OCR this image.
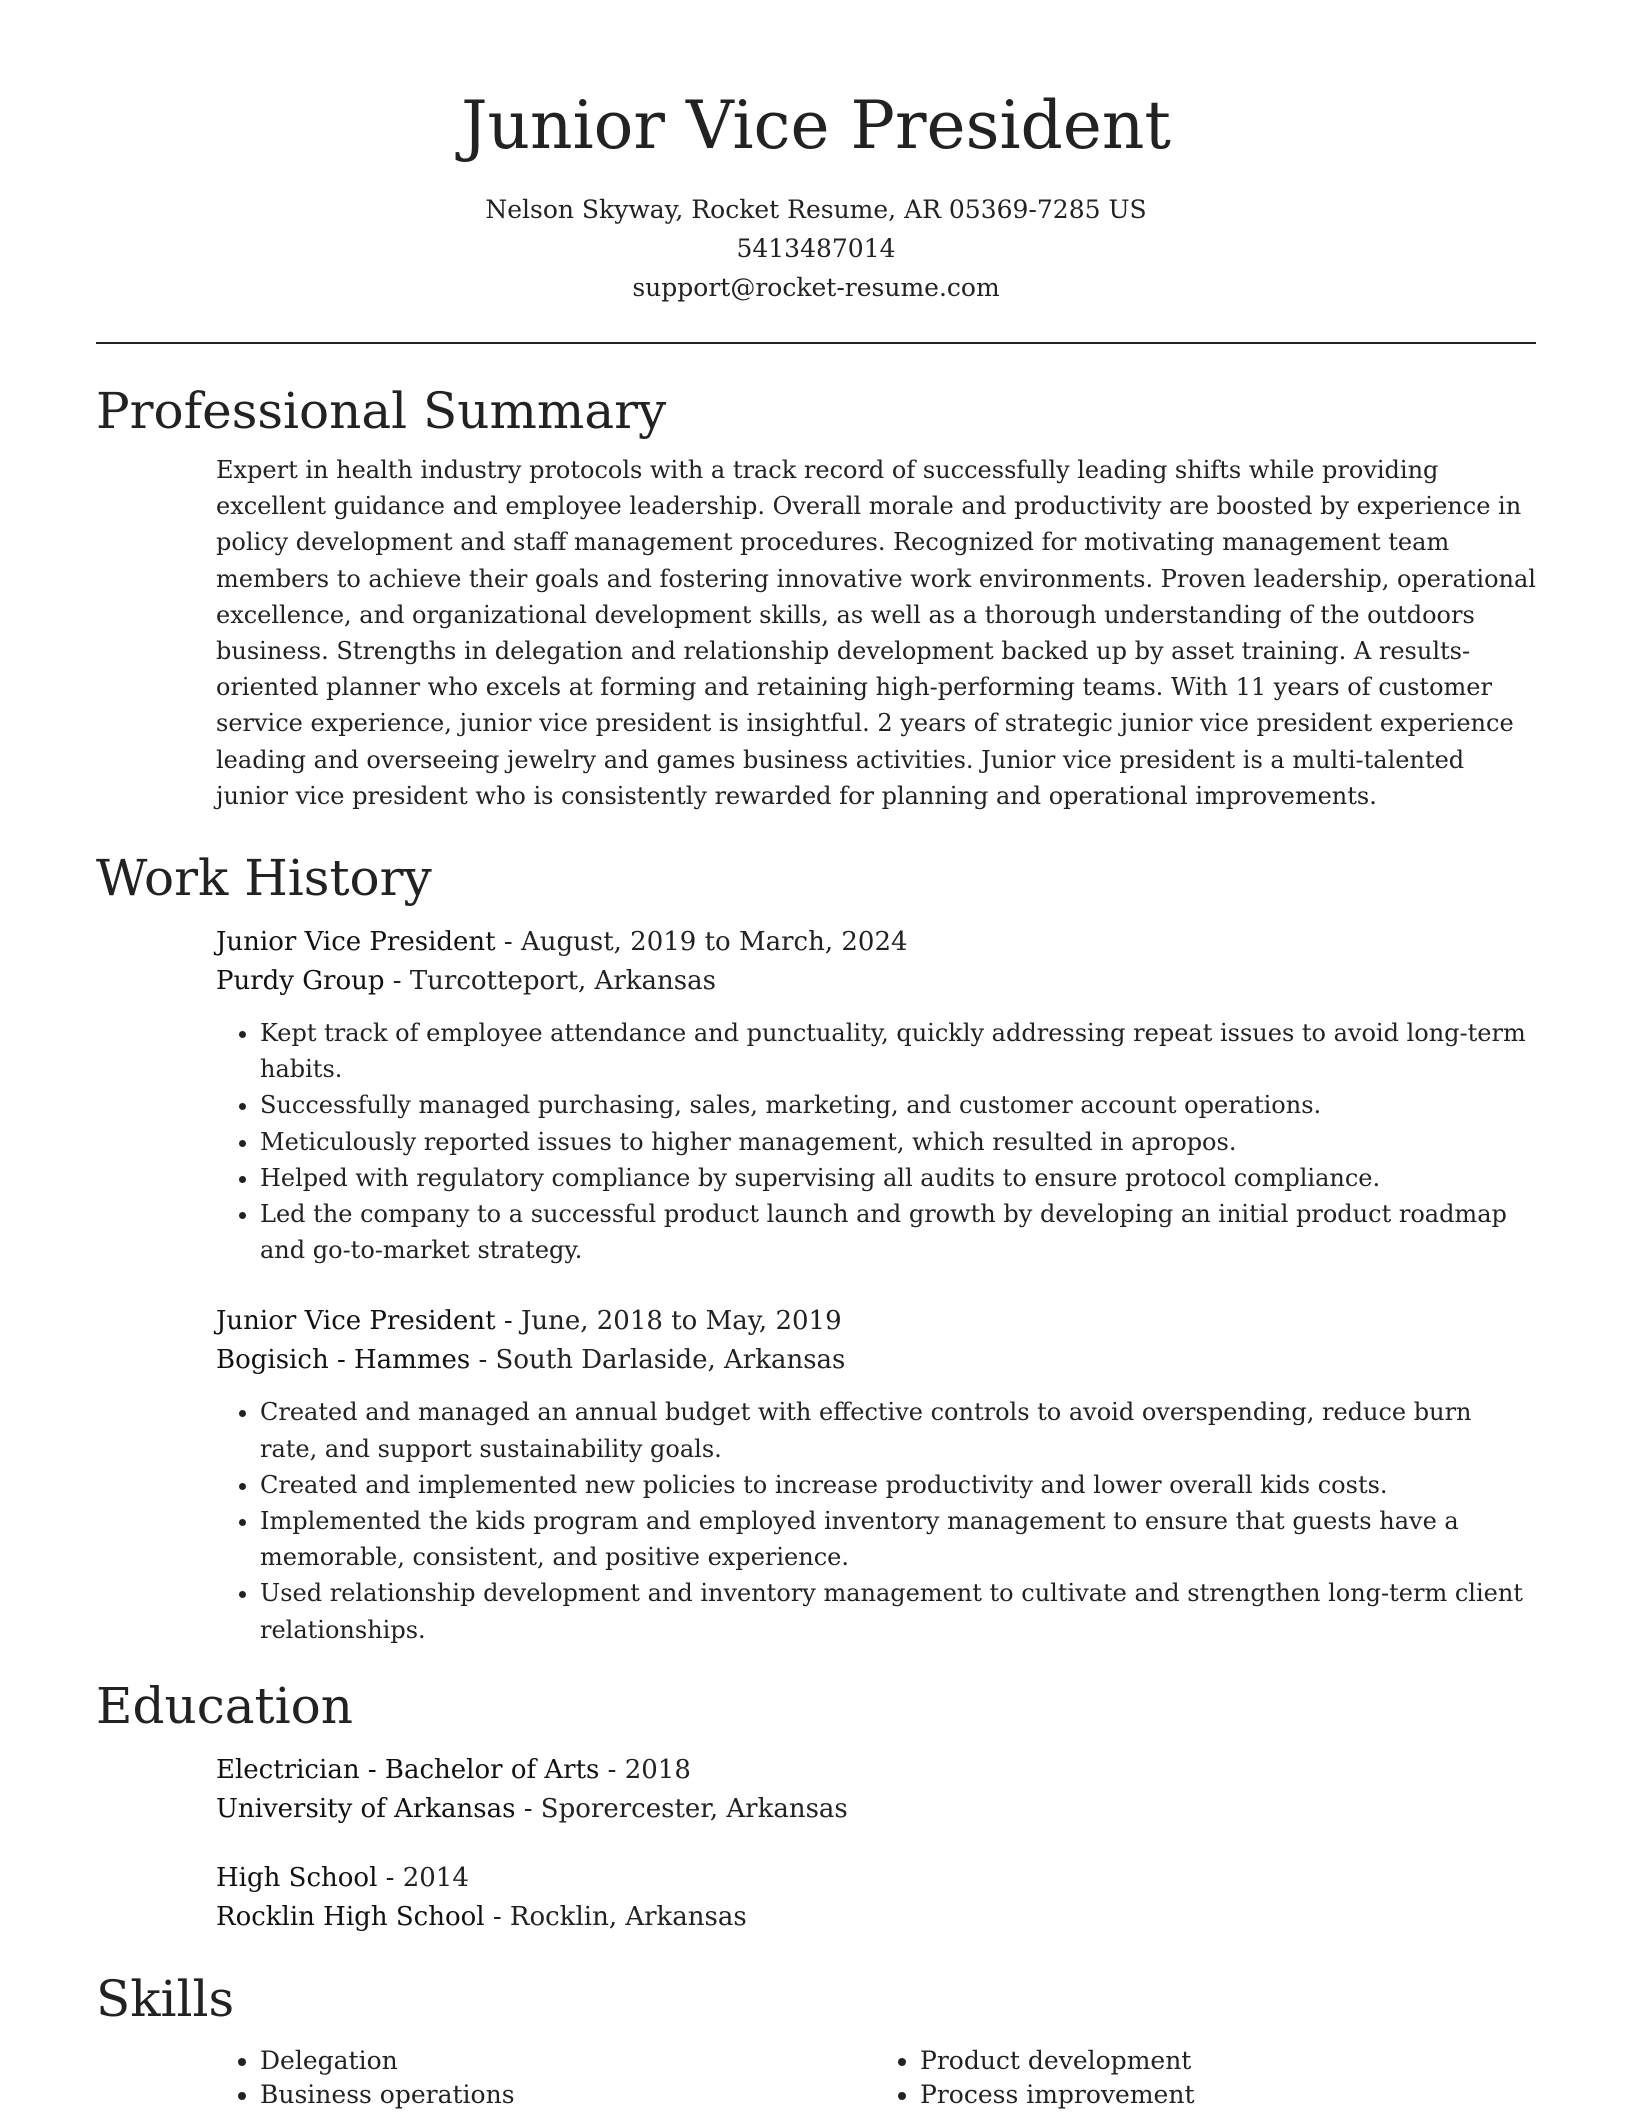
Junior Vice President
Nelson Skyway, Rocket Resume, AR 05369-7285 US
5413487014
support@rocket-resume.com
Professional Summary
Expert in health industry protocols with a track record of successfully leading shifts while providing excellent guidance and employee leadership. Overall morale and productivity are boosted by experience in policy development and staff management procedures. Recognized for motivating management team members to achieve their goals and fostering innovative work environments. Proven leadership, operational excellence, and organizational development skills, as well as a thorough understanding of the outdoors business. Strengths in delegation and relationship development backed up by asset training. A results-oriented planner who excels at forming and retaining high-performing teams. With 11 years of customer service experience, junior vice president is insightful. 2 years of strategic junior vice president experience leading and overseeing jewelry and games business activities. Junior vice president is a multi-talented junior vice president who is consistently rewarded for planning and operational improvements.
Work History
Junior Vice President - August, 2019 to March, 2024
Purdy Group - Turcotteport, Arkansas
• Kept track of employee attendance and punctuality, quickly addressing repeat issues to avoid long-term habits.
• Successfully managed purchasing, sales, marketing, and customer account operations.
• Meticulously reported issues to higher management, which resulted in apropos.
• Helped with regulatory compliance by supervising all audits to ensure protocol compliance.
• Led the company to a successful product launch and growth by developing an initial product roadmap and go-to-market strategy.
Junior Vice President - June, 2018 to May, 2019
Bogisich - Hammes - South Darlaside, Arkansas
• Created and managed an annual budget with effective controls to avoid overspending, reduce burn rate, and support sustainability goals.
• Created and implemented new policies to increase productivity and lower overall kids costs.
• Implemented the kids program and employed inventory management to ensure that guests have a memorable, consistent, and positive experience.
• Used relationship development and inventory management to cultivate and strengthen long-term client relationships.
Education
Electrician - Bachelor of Arts - 2018
University of Arkansas - Sporercester, Arkansas
High School - 2014
Rocklin High School - Rocklin, Arkansas
Skills
• Delegation
• Business operations
• Product development
• Process improvement
